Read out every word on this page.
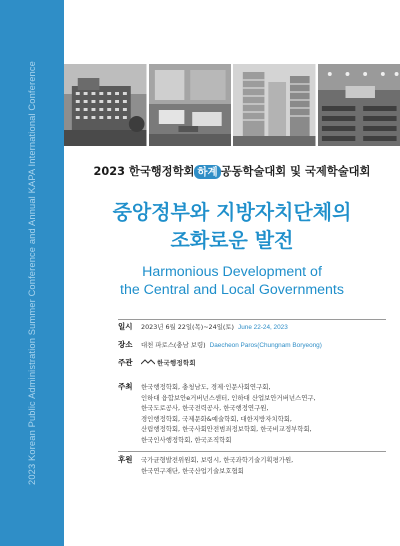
2023 Korean Public Administration Summer Conference and Annual KAPA International Conference	2023 한국행정학회 하계 공동학술대회 및 국제학술대회
중앙정부와 지방자치단체의
조화로운 발전
Harmonious Development of
the Central and Local Governments
일시	2023년 6월 22일(목)~24일(토) June 22-24, 2023
장소	대천 파로스(충남 보령) Daecheon Paros(Chungnam Boryeong)
주관	한국행정학회
주최	한국행정학회, 충청남도, 경제·인문사회연구회,
인하대 융합보안e거버넌스센터, 인하대 산업보안거버넌스연구,
한국도로공사, 한국전력공사, 한국행정연구원,
경인행정학회, 국제문화&예술학회, 대한지방자치학회,
산림행정학회, 한국사회안전범죄정보학회, 한국비교정부학회,
한국인사행정학회, 한국조직학회
후원	국가균형발전위원회, 보령시, 한국과학기술기획평가원,
한국연구재단, 한국산업기술보호협회
